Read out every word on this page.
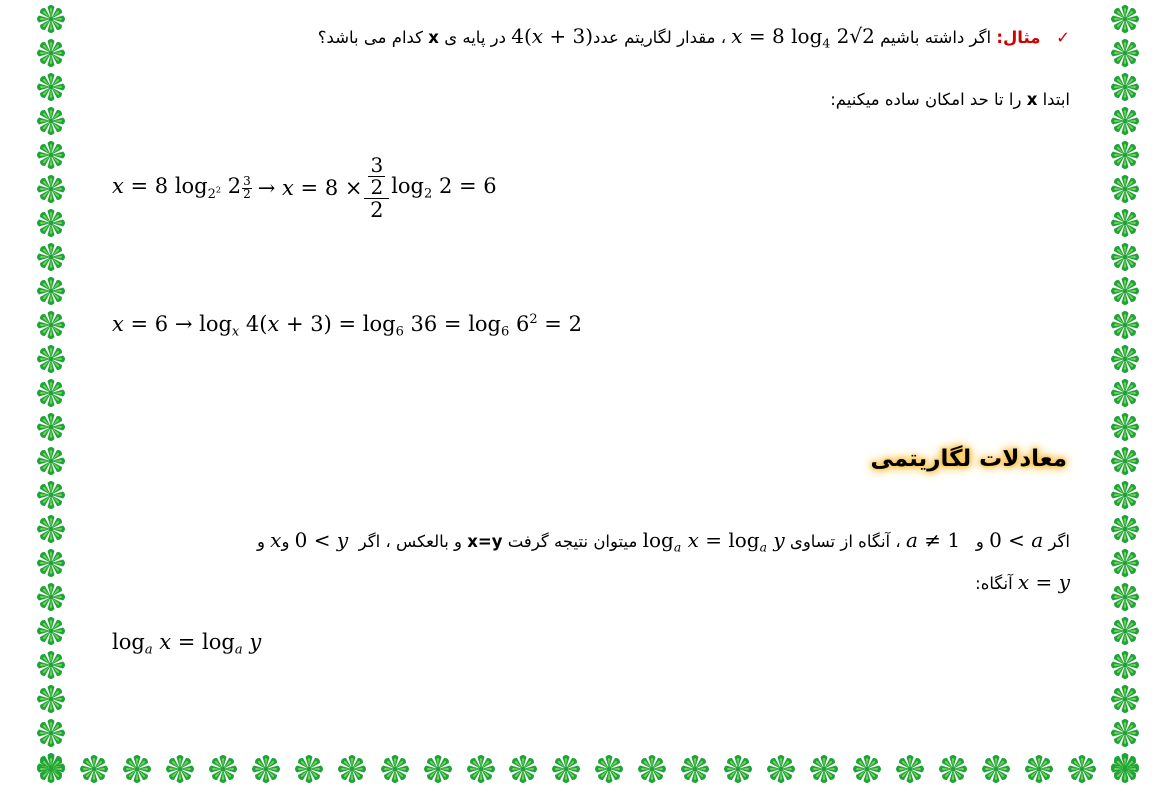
✓   مثال: اگر داشته باشیم x = 8 $\log_4 2√2$ ، مقدار لگاریتم عدد4(x + 3) در پایه ی x کدام می باشد؟
ابتدا x را تا حد امکان ساده میکنیم:
x = 8 $\log_{2^2} 2$ 3
$2 \to x = 8 \times \frac{\frac{3}{2}}{2} \log_2 2 = 6$
$x = 6 \to \log_x 4(x + 3) = \log_6 36 = \log_6 6^2 = 2$
معادلات لگاریتمی
اگر 0 < a و   a ≠ 1 ، آنگاه از تساوی $\log_a x = \log_a y$ میتوان نتیجه گرفت x=y و بالعکس ، اگر  0 < y وx و
x = y آنگاه:
$\log_a x = \log_a y$
